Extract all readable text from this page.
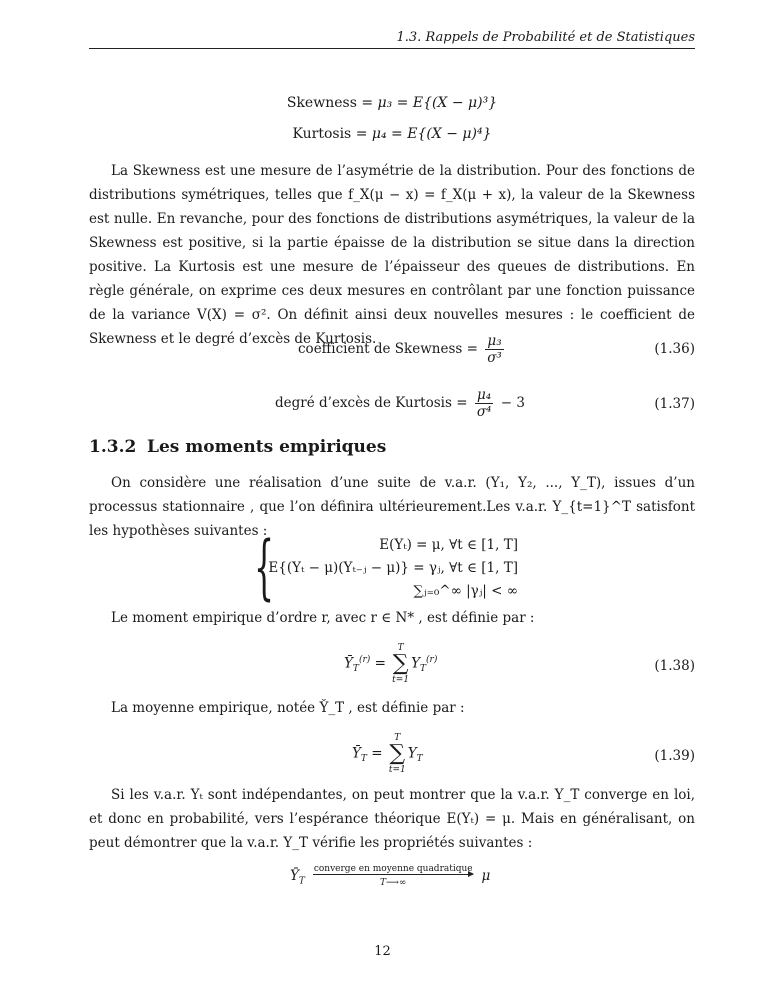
1.3. Rappels de Probabilité et de Statistiques
Skewness = μ₃ = E{(X − μ)³}
Kurtosis = μ₄ = E{(X − μ)⁴}

La Skewness est une mesure de l’asymétrie de la distribution. Pour des fonctions de distributions symétriques, telles que f_X(μ − x) = f_X(μ + x), la valeur de la Skewness est nulle. En revanche, pour des fonctions de distributions asymétriques, la valeur de la Skewness est positive, si la partie épaisse de la distribution se situe dans la direction positive. La Kurtosis est une mesure de l’épaisseur des queues de distributions. En règle générale, on exprime ces deux mesures en contrôlant par une fonction puissance de la variance V(X) = σ². On définit ainsi deux nouvelles mesures : le coefficient de Skewness et le degré d’excès de Kurtosis.

coefficient de Skewness = $\frac{\text{μ₃}}{\text{σ³}}$	(1.36)
degré d’excès de Kurtosis = $\frac{\text{μ₄}}{\text{σ⁴}} - 3$	(1.37)
1.3.2 Les moments empiriques

On considère une réalisation d’une suite de v.a.r. (Y₁, Y₂, ..., Y_T), issues d’un processus stationnaire , que l’on définira ultérieurement.Les v.a.r. Y_{t=1}^T satisfont les hypothèses suivantes :

{	E(Yₜ) = μ, ∀t ∈ [1, T]
E{(Yₜ − μ)(Yₜ₋ⱼ − μ)} = γⱼ, ∀t ∈ [1, T]
∑ⱼ₌₀^∞ |γⱼ| < ∞

Le moment empirique d’ordre r, avec r ∈ N* , est définie par :

$Ȳ_T^{(r)} = T$
∑
$t=1Y_T^{(r)}$	(1.38)

La moyenne empirique, notée Y̌_T , est définie par :

$Ȳ_T = T$
∑
$t=1Y_T$	(1.39)

Si les v.a.r. Yₜ sont indépendantes, on peut montrer que la v.a.r. Y_T converge en loi, et donc en probabilité, vers l’espérance théorique E(Yₜ) = μ. Mais en généralisant, on peut démontrer que la v.a.r. Y_T vérifie les propriétés suivantes :

$Ȳ_T$
converge en moyenne quadratique
T⟶∞	μ
12
